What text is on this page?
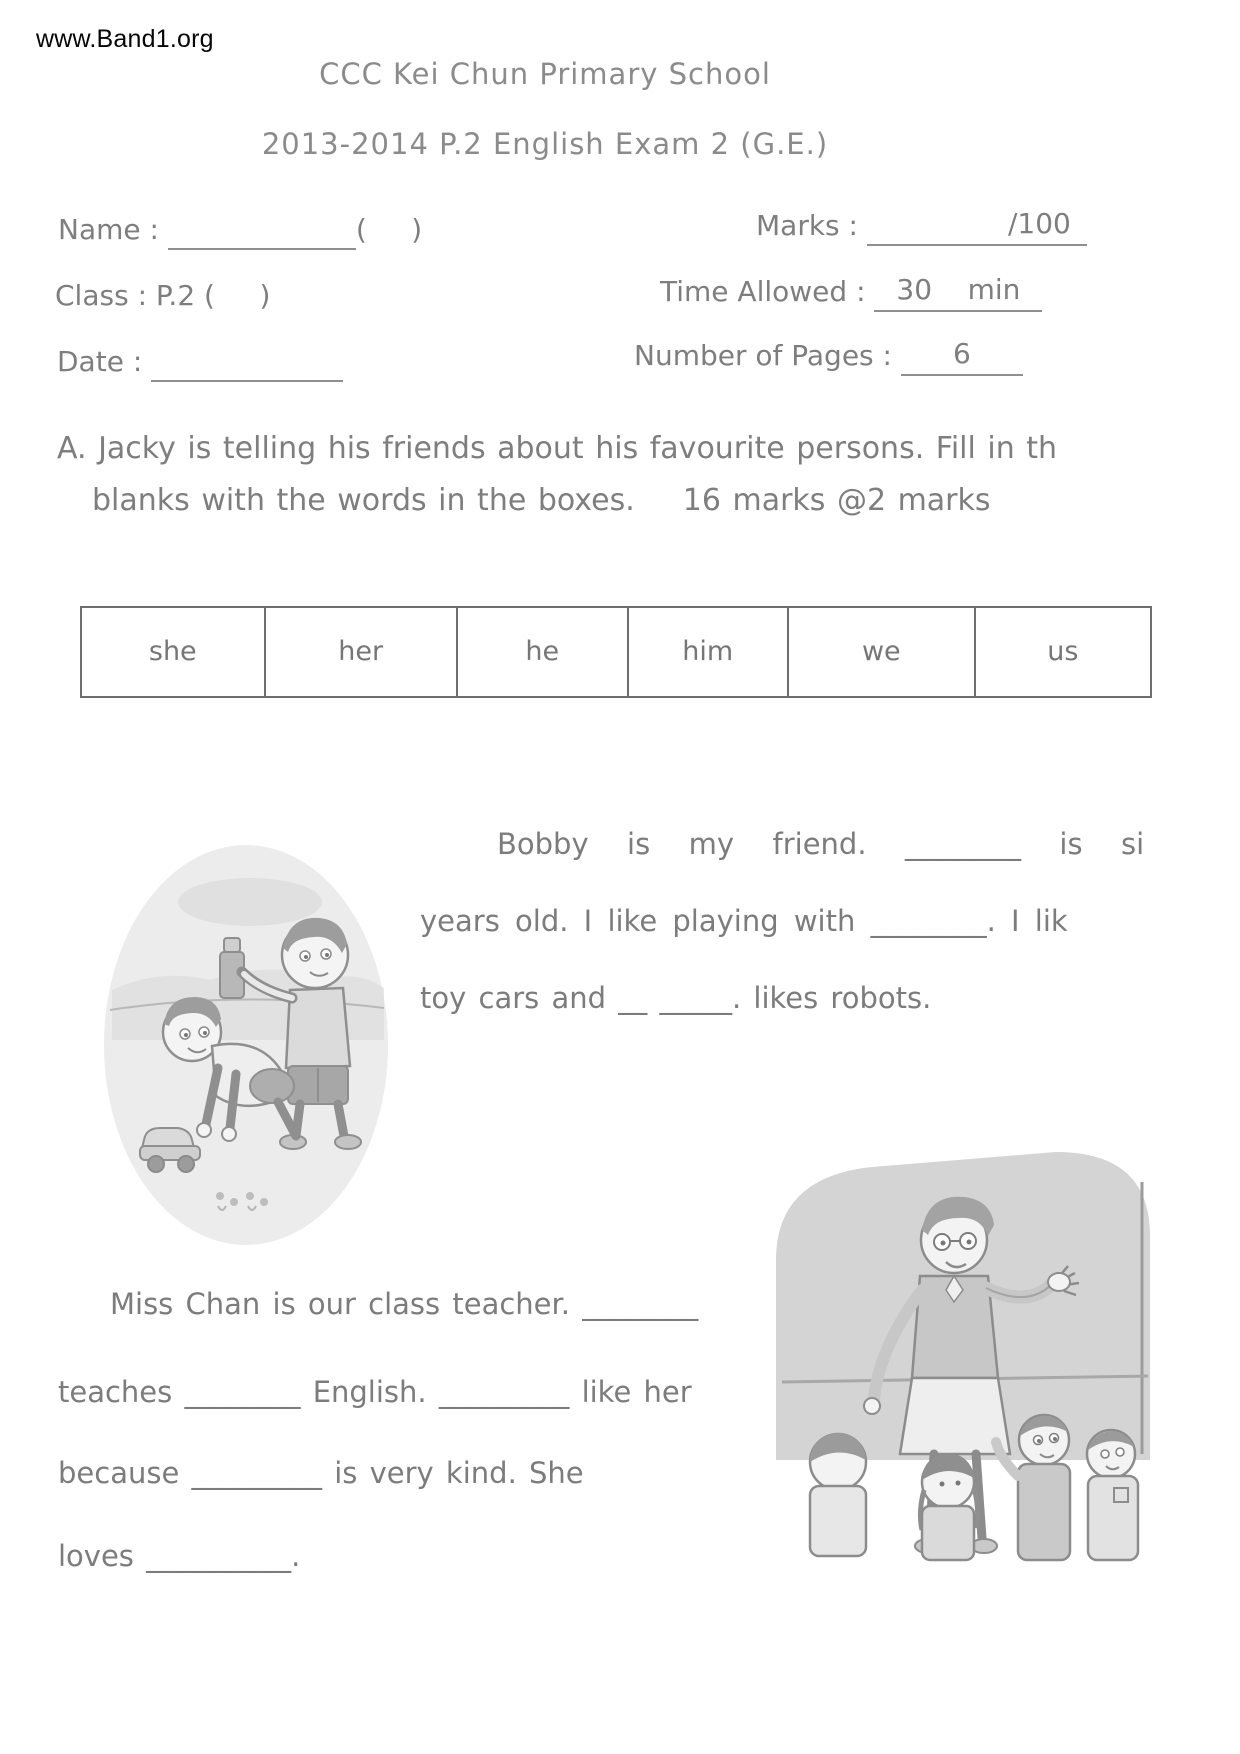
www.Band1.org
CCC Kei Chun Primary School
2013-2014 P.2 English Exam 2 (G.E.)
Name :	(     )
Class : P.2 (     )
Date :
Marks :	/100
Time Allowed : 30    min
Number of Pages : 6
A. Jacky is telling his friends about his favourite persons. Fill in th
blanks with the words in the boxes. 16 marks @2 marks
she	her	he	him	we	us

Bobby  is  my  friend.  ________  is  si
years old. I like playing with ________. I lik
toy cars and __ _____. likes robots.
Miss Chan is our class teacher. ________
teaches ________ English. _________ like her
because _________ is very kind. She
loves __________.
